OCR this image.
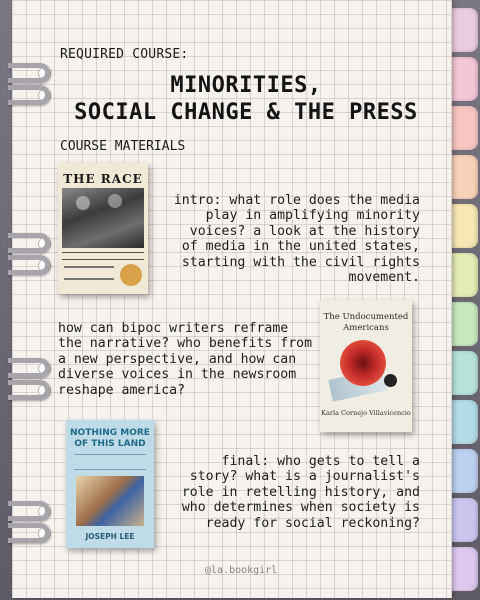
REQUIRED COURSE:
MINORITIES,
SOCIAL CHANGE & THE PRESS
COURSE MATERIALS
THE RACE
intro: what role does the media play in amplifying minority voices? a look at the history of media in the united states, starting with the civil rights movement.
The Undocumented Americans
Karla Cornejo Villavicencio
how can bipoc writers reframe the narrative? who benefits from a new perspective, and how can diverse voices in the newsroom reshape america?
NOTHING MORE OF THIS LAND
JOSEPH LEE
final: who gets to tell a story? what is a journalist's role in retelling history, and who determines when society is ready for social reckoning?
@la.bookgirl
